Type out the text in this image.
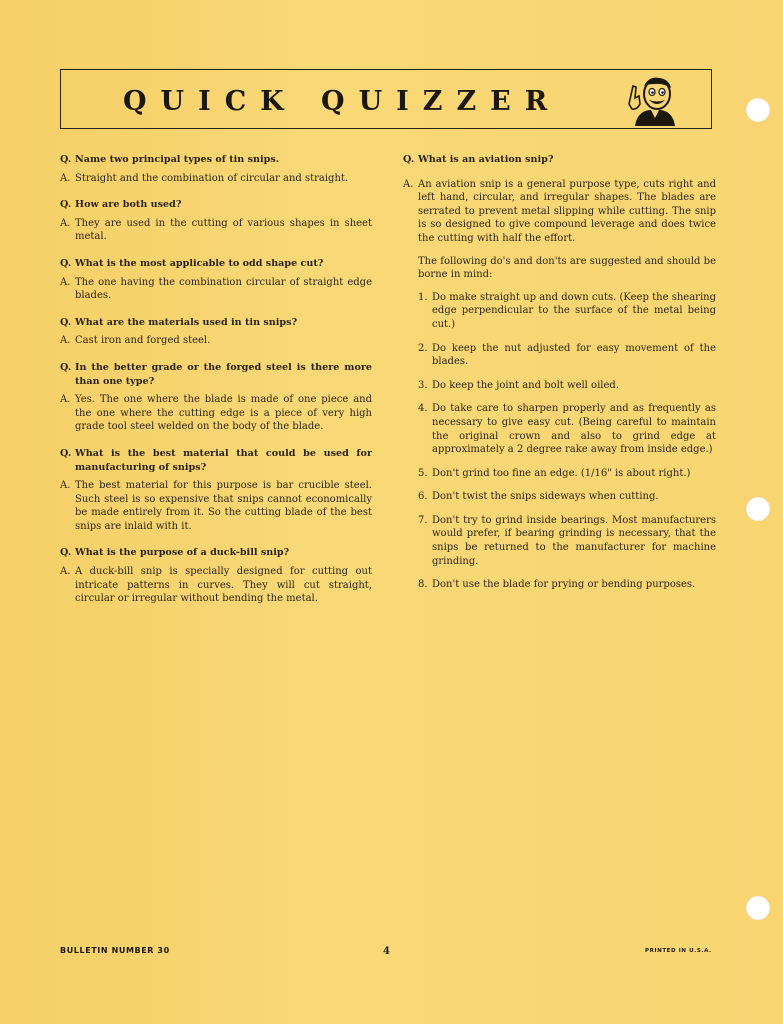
QUICK QUIZZER
Q. Name two principal types of tin snips.
A. Straight and the combination of circular and straight.
Q. How are both used?
A. They are used in the cutting of various shapes in sheet metal.
Q. What is the most applicable to odd shape cut?
A. The one having the combination circular of straight edge blades.
Q. What are the materials used in tin snips?
A. Cast iron and forged steel.
Q. In the better grade or the forged steel is there more than one type?
A. Yes. The one where the blade is made of one piece and the one where the cutting edge is a piece of very high grade tool steel welded on the body of the blade.
Q. What is the best material that could be used for manufacturing of snips?
A. The best material for this purpose is bar crucible steel. Such steel is so expensive that snips cannot economically be made entirely from it. So the cutting blade of the best snips are inlaid with it.
Q. What is the purpose of a duck-bill snip?
A. A duck-bill snip is specially designed for cutting out intricate patterns in curves. They will cut straight, circular or irregular without bending the metal.
Q. What is an aviation snip?
A. An aviation snip is a general purpose type, cuts right and left hand, circular, and irregular shapes. The blades are serrated to prevent metal slipping while cutting. The snip is so designed to give compound leverage and does twice the cutting with half the effort.
The following do's and don'ts are suggested and should be borne in mind:
1. Do make straight up and down cuts. (Keep the shearing edge perpendicular to the surface of the metal being cut.)
2. Do keep the nut adjusted for easy movement of the blades.
3. Do keep the joint and bolt well oiled.
4. Do take care to sharpen properly and as frequently as necessary to give easy cut. (Being careful to maintain the original crown and also to grind edge at approximately a 2 degree rake away from inside edge.)
5. Don't grind too fine an edge. (1/16" is about right.)
6. Don't twist the snips sideways when cutting.
7. Don't try to grind inside bearings. Most manufacturers would prefer, if bearing grinding is necessary, that the snips be returned to the manufacturer for machine grinding.
8. Don't use the blade for prying or bending purposes.
BULLETIN NUMBER 30	4	PRINTED IN U.S.A.
